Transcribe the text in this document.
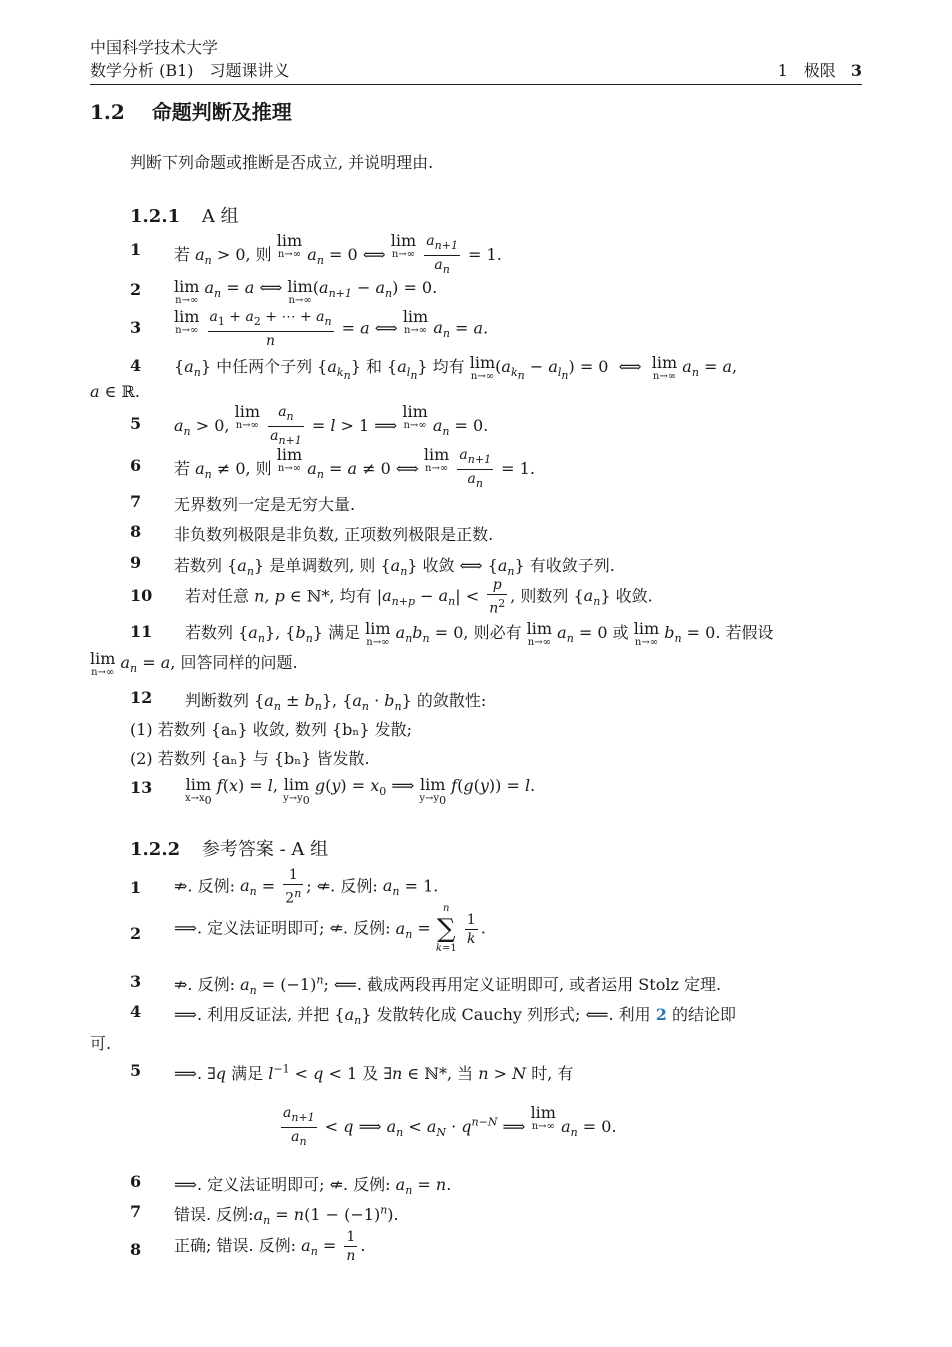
中国科学技术大学
数学分析 (B1)　习题课讲义	1　极限 3
1.2 命题判断及推理
判断下列命题或推断是否成立, 并说明理由.
1.2.1 A 组
1 若 $a_n > 0$, 则 lim
n→∞ $a_n = 0$ ⟺ lim
n→∞
$\frac{a_{n+1}}{a_n} = 1$.
2 lim
n→∞
$a_n = a$ ⟺ lim
n→∞
$(a_{n+1} - a_n) = 0$.
3
lim
n→∞
$\frac{a_1 + a_2 + \cdots + a_n}{n} = a$ ⟺ lim
n→∞ $a_n = a$.
4 $\{a_n\}$ 中任两个子列 $\{a_{k_n}\}$ 和 $\{a_{l_n}\}$ 均有 lim
n→∞
$(a_{k_n} - a_{l_n}) = 0$  ⟺  lim
n→∞
$a_n = a$,
a ∈ ℝ.
5 $a_n > 0$, lim
n→∞
$\frac{a_n}{a_{n+1}} = l > 1$ ⟹ lim
n→∞ $a_n = 0$.
6 若 $a_n \ne 0$, 则 lim
n→∞ $a_n = a \ne 0$ ⟺ lim
n→∞
$\frac{a_{n+1}}{a_n} = 1$.
7 无界数列一定是无穷大量.
8 非负数列极限是非负数, 正项数列极限是正数.
9 若数列 $\{a_n\}$ 是单调数列, 则 $\{a_n\}$ 收敛 ⟺ $\{a_n\}$ 有收敛子列.
10 若对任意 n, p ∈ ℕ*, 均有 $|a_{n+p} - a_n| < \frac{p}{n^2}$ , 则数列 $\{a_n\}$ 收敛.
11 若数列 $\{a_n\}$, $\{b_n\}$ 满足 lim
n→∞
$a_nb_n = 0$, 则必有 lim
n→∞
$a_n = 0$ 或 lim
n→∞
$b_n = 0$. 若假设
lim
n→∞
$a_n = a$, 回答同样的问题.
12 判断数列 $\{a_n \pm b_n\}$, $\{a_n \cdot b_n\}$ 的敛散性:
(1) 若数列 {aₙ} 收敛, 数列 {bₙ} 发散;
(2) 若数列 {aₙ} 与 {bₙ} 皆发散.
13 lim
$x\to x_0$
f(x) = l, lim
$y\to y_0$
$g(y) = x_0$ ⟹ lim
$y\to y_0$
f(g(y)) = l.
1.2.2 参考答案 - A 组
1 ⇏. 反例: $a_n = \frac{1}{2^n}$ ; ⇍. 反例: $a_n = 1$.
2 ⟹. 定义法证明即可; ⇍. 反例: $a_n$ =
n
∑
k=1

$\frac{1}{k}$ .
3 ⇏. 反例: $a_n = (-1)^n$; ⟸. 截成两段再用定义证明即可, 或者运用 Stolz 定理.
4 ⟹. 利用反证法, 并把 $\{a_n\}$ 发散转化成 Cauchy 列形式; ⟸. 利用 2 的结论即
可.
5 ⟹. ∃q 满足 $l^{-1} < q < 1$ 及 ∃n ∈ ℕ*, 当 n > N 时, 有
$\frac{a_{n+1}}{a_n} < q$ ⟹ $a_n < a_N \cdot q^{n-N}$ ⟹ lim
n→∞ $a_n = 0$.
6 ⟹. 定义法证明即可; ⇍. 反例: $a_n = n$.
7 错误. 反例$:a_n = n(1 - (-1)^n)$.
8 正确; 错误. 反例: $a_n = \frac{1}{n}$ .
